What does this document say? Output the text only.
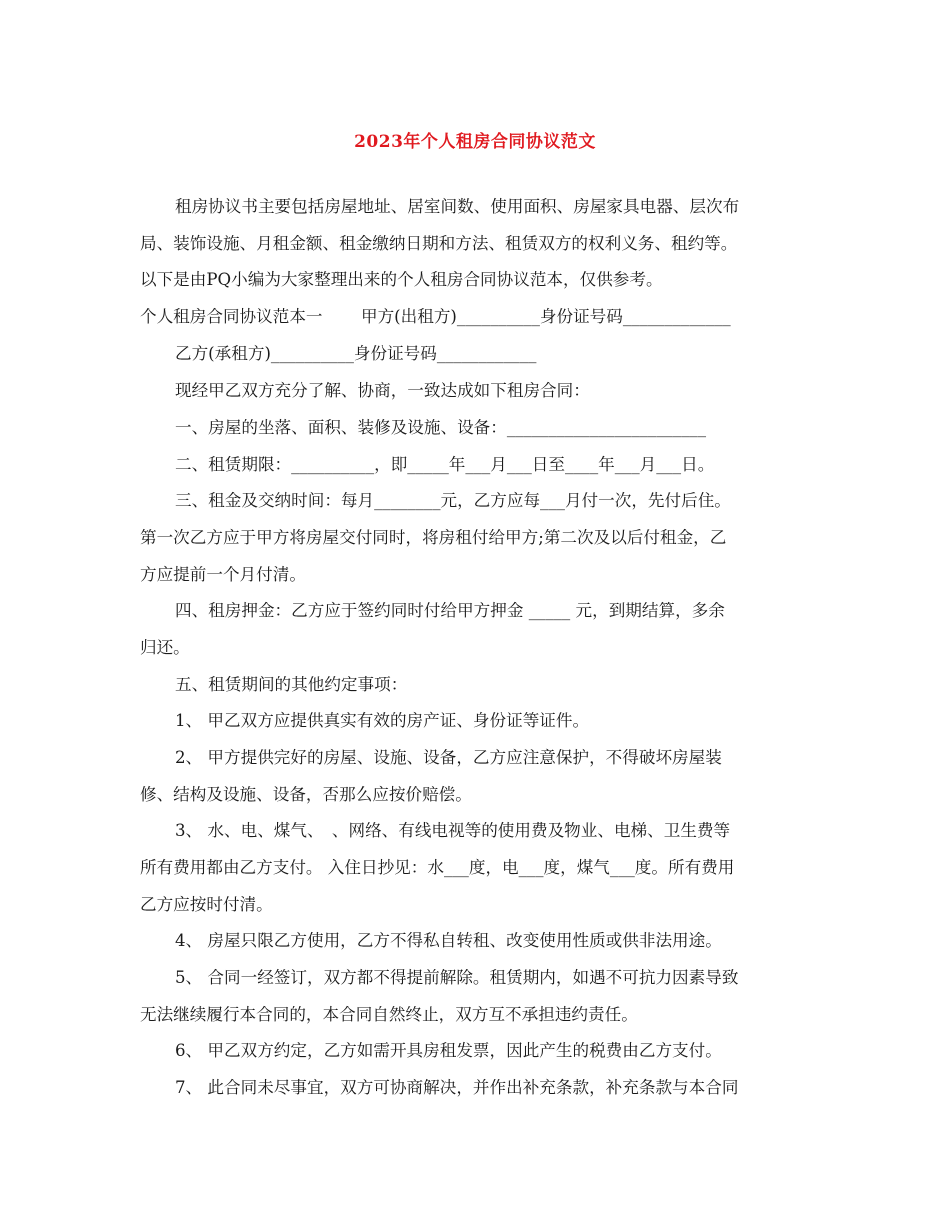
2023年个人租房合同协议范文
租房协议书主要包括房屋地址、居室间数、使用面积、房屋家具电器、层次布
局、装饰设施、月租金额、租金缴纳日期和方法、租赁双方的权利义务、租约等。
以下是由PQ小编为大家整理出来的个人租房合同协议范本，仅供参考。
个人租房合同协议范本一　　 甲方(出租方)__________身份证号码_____________
乙方(承租方)__________身份证号码____________
现经甲乙双方充分了解、协商，一致达成如下租房合同：
一、房屋的坐落、面积、装修及设施、设备：________________________
二、租赁期限：__________，即_____年___月___日至____年___月___日。
三、租金及交纳时间：每月________元，乙方应每___月付一次，先付后住。
第一次乙方应于甲方将房屋交付同时，将房租付给甲方;第二次及以后付租金，乙
方应提前一个月付清。
四、租房押金：乙方应于签约同时付给甲方押金 _____ 元，到期结算，多余
归还。
五、租赁期间的其他约定事项：
1、 甲乙双方应提供真实有效的房产证、身份证等证件。
2、 甲方提供完好的房屋、设施、设备，乙方应注意保护，不得破坏房屋装
修、结构及设施、设备，否那么应按价赔偿。
3、 水、电、煤气、　、网络、有线电视等的使用费及物业、电梯、卫生费等
所有费用都由乙方支付。 入住日抄见：水___度，电___度，煤气___度。所有费用
乙方应按时付清。
4、 房屋只限乙方使用，乙方不得私自转租、改变使用性质或供非法用途。
5、 合同一经签订，双方都不得提前解除。租赁期内，如遇不可抗力因素导致
无法继续履行本合同的，本合同自然终止，双方互不承担违约责任。
6、 甲乙双方约定，乙方如需开具房租发票，因此产生的税费由乙方支付。
7、 此合同未尽事宜，双方可协商解决，并作出补充条款，补充条款与本合同
